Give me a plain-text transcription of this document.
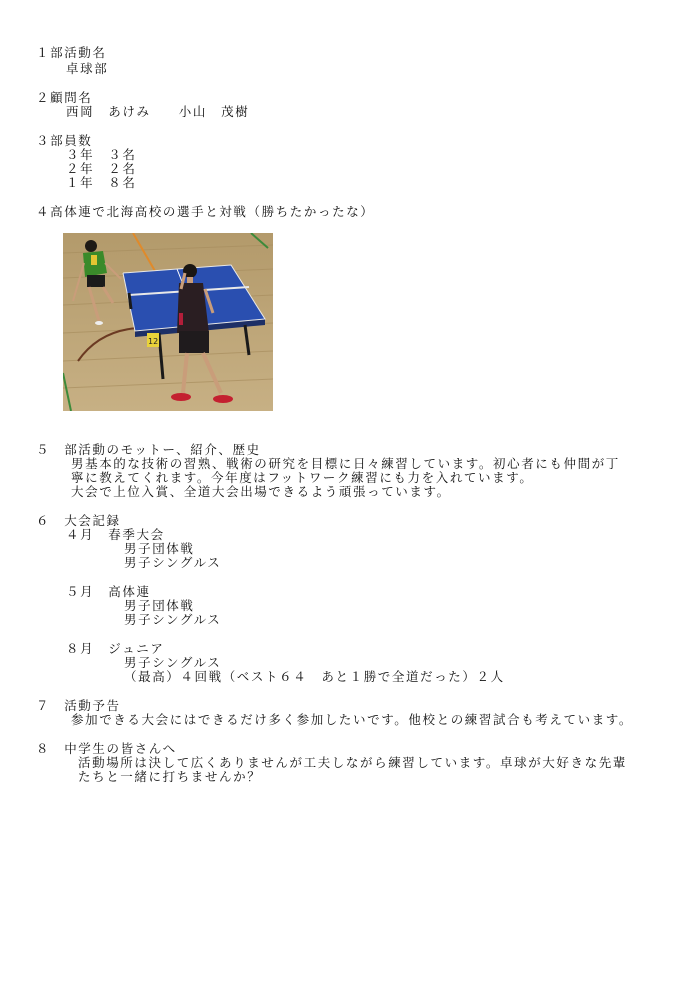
１部活動名
卓球部
２顧問名
西岡　あけみ　　小山　茂樹
３部員数
３年　３名
２年　２名
１年　８名
４高体連で北海高校の選手と対戦（勝ちたかったな）
12
５　部活動のモットー、紹介、歴史
男基本的な技術の習熟、戦術の研究を目標に日々練習しています。初心者にも仲間が丁
寧に教えてくれます。今年度はフットワーク練習にも力を入れています。
大会で上位入賞、全道大会出場できるよう頑張っています。
６　大会記録
４月　春季大会
男子団体戦
男子シングルス
５月　高体連
男子団体戦
男子シングルス
８月　ジュニア
男子シングルス
（最高）４回戦（ベスト６４　あと１勝で全道だった）２人
７　活動予告
参加できる大会にはできるだけ多く参加したいです。他校との練習試合も考えています。
８　中学生の皆さんへ
活動場所は決して広くありませんが工夫しながら練習しています。卓球が大好きな先輩
たちと一緒に打ちませんか？
